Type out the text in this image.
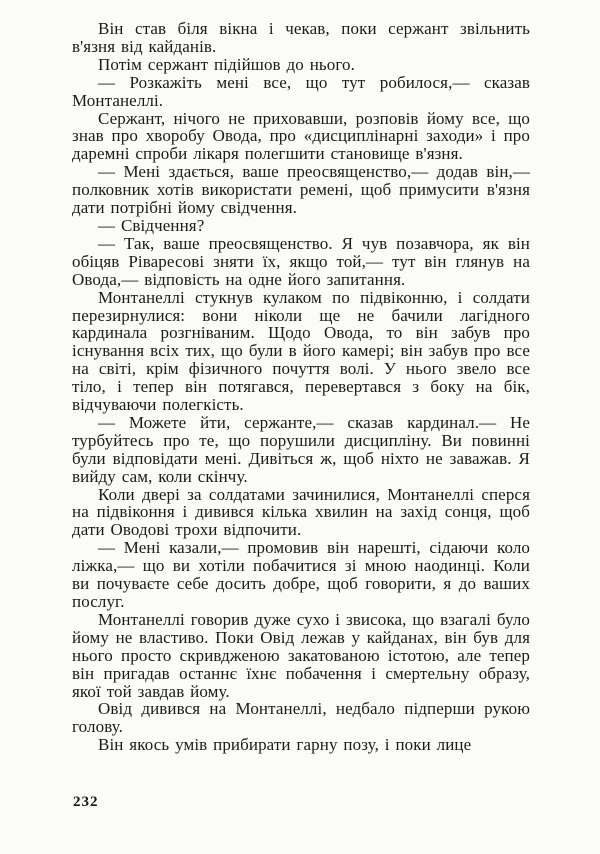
Він став біля вікна і чекав, поки сержант звільнить в'язня від кайданів.

Потім сержант підійшов до нього.

— Розкажіть мені все, що тут робилося,— сказав Монтанеллі.

Сержант, нічого не приховавши, розповів йому все, що знав про хворобу Овода, про «дисциплінарні заходи» і про даремні спроби лікаря полегшити становище в'язня.

— Мені здається, ваше преосвященство,— додав він,— полковник хотів використати ремені, щоб примусити в'язня дати потрібні йому свідчення.

— Свідчення?

— Так, ваше преосвященство. Я чув позавчора, як він обіцяв Ріваресові зняти їх, якщо той,— тут він глянув на Овода,— відповість на одне його запитання.

Монтанеллі стукнув кулаком по підвіконню, і солдати перезирнулися: вони ніколи ще не бачили лагідного кардинала розгніваним. Щодо Овода, то він забув про існування всіх тих, що були в його камері; він забув про все на світі, крім фізичного почуття волі. У нього звело все тіло, і тепер він потягався, перевертався з боку на бік, відчуваючи полегкість.

— Можете йти, сержанте,— сказав кардинал.— Не турбуйтесь про те, що порушили дисципліну. Ви повинні були відповідати мені. Дивіться ж, щоб ніхто не заважав. Я вийду сам, коли скінчу.

Коли двері за солдатами зачинилися, Монтанеллі сперся на підвіконня і дивився кілька хвилин на захід сонця, щоб дати Оводові трохи відпочити.

— Мені казали,— промовив він нарешті, сідаючи коло ліжка,— що ви хотіли побачитися зі мною наодинці. Коли ви почуваєте себе досить добре, щоб говорити, я до ваших послуг.

Монтанеллі говорив дуже сухо і звисока, що взагалі було йому не властиво. Поки Овід лежав у кайданах, він був для нього просто скривдженою закатованою істотою, але тепер він пригадав останнє їхнє побачення і смертельну образу, якої той завдав йому.

Овід дивився на Монтанеллі, недбало підперши рукою голову.

Він якось умів прибирати гарну позу, і поки лице

232
